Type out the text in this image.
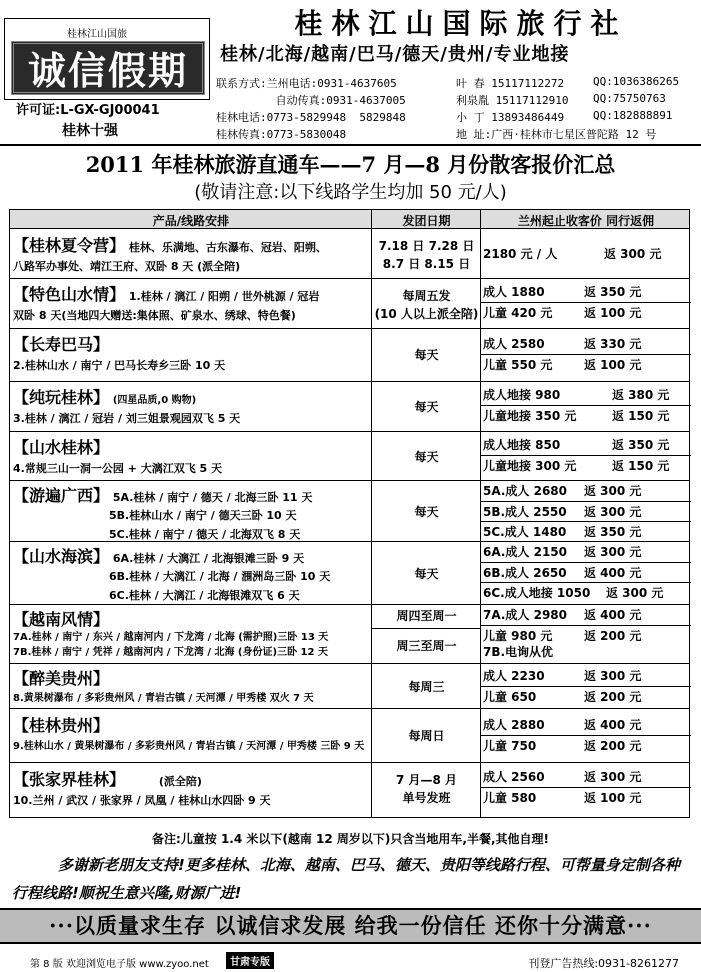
桂林江山国旅
诚信假期
许可证:L-GX-GJ00041
桂林十强
桂林江山国际旅行社
桂林/北海/越南/巴马/德天/贵州/专业地接
联系方式:兰州电话:0931-4637605	叶 春 15117112272	QQ:1036386265
自动传真:0931-4637005	利泉胤 15117112910 QQ:75750763
桂林电话:0773-5829948  5829848	小 丁 13893486449	QQ:182888891
桂林传真:0773-5830048	地 址:广西·桂林市七星区普陀路 12 号
2011 年桂林旅游直通车——7 月—8 月份散客报价汇总
(敬请注意:以下线路学生均加 50 元/人)
产品/线路安排	发团日期	兰州起止收客价 同行返佣
【桂林夏令营】 桂林、乐满地、古东瀑布、冠岩、阳朔、
八路军办事处、靖江王府、双卧 8 天 (派全陪)
7.18 日 7.28 日
8.7 日 8.15 日
2180 元 / 人	返 300 元
【特色山水情】 1.桂林 / 漓江 / 阳朔 / 世外桃源 / 冠岩
双卧 8 天(当地四大赠送:集体照、矿泉水、绣球、特色餐)
每周五发
(10 人以上派全陪)
成人 1880	返 350 元
儿童 420 元	返 100 元
【长寿巴马】
2.桂林山水 / 南宁 / 巴马长寿乡三卧 10 天
每天
成人 2580	返 330 元
儿童 550 元	返 100 元
【纯玩桂林】 (四星品质,0 购物)
3.桂林 / 漓江 / 冠岩 / 刘三姐景观园双飞 5 天
每天
成人地接 980	返 380 元
儿童地接 350 元	返 150 元
【山水桂林】
4.常规三山一洞一公园 + 大漓江双飞 5 天
每天
成人地接 850	返 350 元
儿童地接 300 元	返 150 元
【游遍广西】 5A.桂林 / 南宁 / 德天 / 北海三卧 11 天
5B.桂林山水 / 南宁 / 德天三卧 10 天
5C.桂林 / 南宁 / 德天 / 北海双飞 8 天
每天
5A.成人 2680 返 300 元
5B.成人 2550 返 300 元
5C.成人 1480 返 350 元
【山水海滨】 6A.桂林 / 大漓江 / 北海银滩三卧 9 天
6B.桂林 / 大漓江 / 北海 / 涠洲岛三卧 10 天
6C.桂林 / 大漓江 / 北海银滩双飞 6 天
每天
6A.成人 2150 返 300 元
6B.成人 2650 返 400 元
6C.成人地接 1050 返 300 元
【越南风情】
7A.桂林 / 南宁 / 东兴 / 越南河内 / 下龙湾 / 北海 (需护照)三卧 13 天
7B.桂林 / 南宁 / 凭祥 / 越南河内 / 下龙湾 / 北海 (身份证)三卧 12 天
周四至周一
周三至周一
7A.成人 2980 返 400 元
儿童 980 元	返 200 元
7B.电询从优
【醉美贵州】
8.黄果树瀑布 / 多彩贵州风 / 青岩古镇 / 天河潭 / 甲秀楼 双火 7 天
每周三
成人 2230	返 300 元
儿童 650	返 200 元
【桂林贵州】
9.桂林山水 / 黄果树瀑布 / 多彩贵州风 / 青岩古镇 / 天河潭 / 甲秀楼 三卧 9 天
每周日
成人 2880	返 400 元
儿童 750	返 200 元
【张家界桂林】	(派全陪)
10.兰州 / 武汉 / 张家界 / 凤凰 / 桂林山水四卧 9 天
7 月—8 月
单号发班
成人 2560	返 300 元
儿童 580	返 100 元
备注:儿童按 1.4 米以下(越南 12 周岁以下)只含当地用车,半餐,其他自理!
多谢新老朋友支持!更多桂林、北海、越南、巴马、德天、贵阳等线路行程、可帮量身定制各种行程线路!顺祝生意兴隆,财源广进!
···以质量求生存 以诚信求发展 给我一份信任 还你十分满意···
第 8 版 欢迎浏览电子版 www.zyoo.net	甘肃专版	刊登广告热线:0931-8261277
